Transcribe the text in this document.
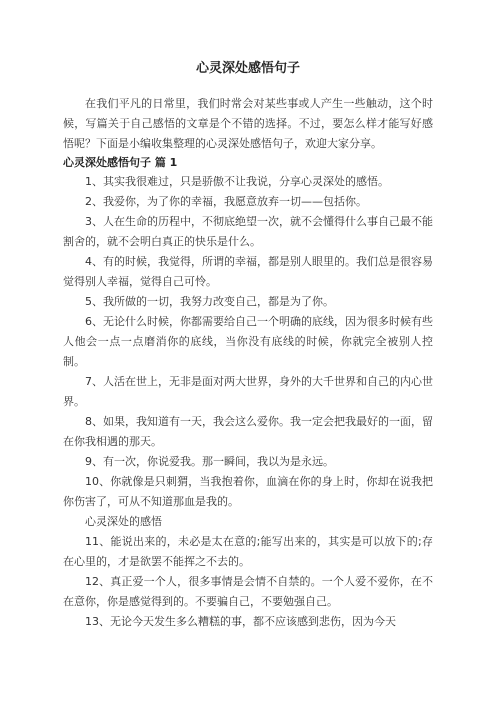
心灵深处感悟句子

在我们平凡的日常里，我们时常会对某些事或人产生一些触动，这个时候，写篇关于自己感悟的文章是个不错的选择。不过，要怎么样才能写好感悟呢？下面是小编收集整理的心灵深处感悟句子，欢迎大家分享。

心灵深处感悟句子 篇 1

1、其实我很难过，只是骄傲不让我说，分享心灵深处的感悟。

2、我爱你，为了你的幸福，我愿意放弃一切——包括你。

3、人在生命的历程中，不彻底绝望一次，就不会懂得什么事自己最不能割舍的，就不会明白真正的快乐是什么。

4、有的时候，我觉得，所谓的幸福，都是别人眼里的。我们总是很容易觉得别人幸福，觉得自己可怜。

5、我所做的一切，我努力改变自己，都是为了你。

6、无论什么时候，你都需要给自己一个明确的底线，因为很多时候有些人他会一点一点磨消你的底线，当你没有底线的时候，你就完全被别人控制。

7、人活在世上，无非是面对两大世界，身外的大千世界和自己的内心世界。

8、如果，我知道有一天，我会这么爱你。我一定会把我最好的一面，留在你我相遇的那天。

9、有一次，你说爱我。那一瞬间，我以为是永远。

10、你就像是只刺猬，当我抱着你，血滴在你的身上时，你却在说我把你伤害了，可从不知道那血是我的。

心灵深处的感悟

11、能说出来的，未必是太在意的;能写出来的，其实是可以放下的;存在心里的，才是欲罢不能挥之不去的。

12、真正爱一个人，很多事情是会情不自禁的。一个人爱不爱你，在不在意你，你是感觉得到的。不要骗自己，不要勉强自己。

13、无论今天发生多么糟糕的事，都不应该感到悲伤，因为今天
